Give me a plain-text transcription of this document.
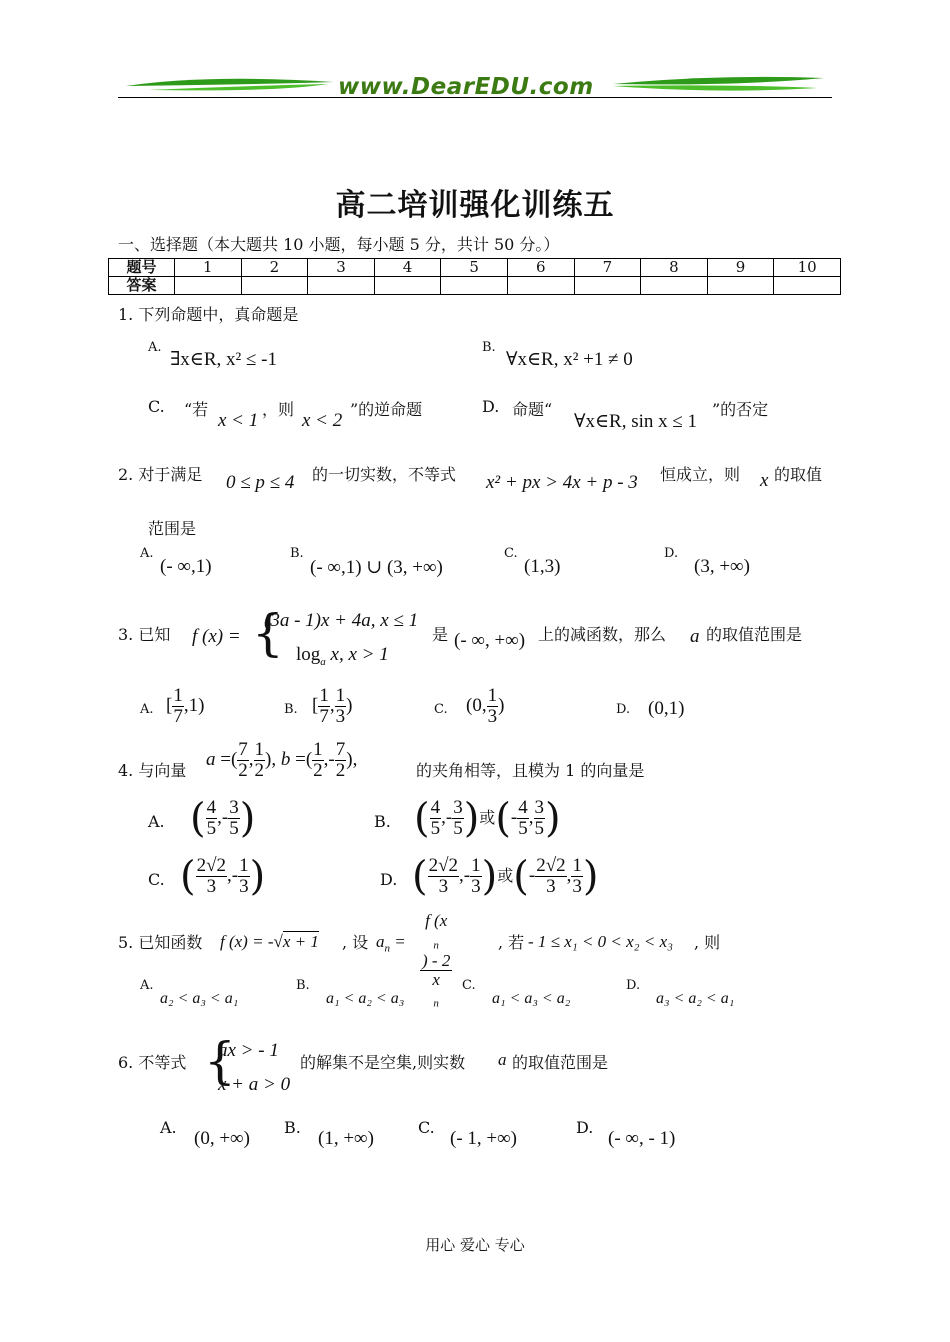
www.DearEDU.com
高二培训强化训练五
一、选择题（本大题共 10 小题，每小题 5 分，共计 50 分。）
题号	1	2	3	4	5	6	7	8	9	10
答案										
1. 下列命题中，真命题是
A.
∃x∈R, x² ≤ -1
B.
∀x∈R, x² +1 ≠ 0
C. “若
x < 1
，则
x < 2
”的逆命题	D. 命题“
∀x∈R, sin x ≤ 1
”的否定
2. 对于满足 0 ≤ p ≤ 4 的一切实数，不等式 x² + px > 4x + p - 3 恒成立，则 x 的取值
范围是
A.
(- ∞,1)
B.
(- ∞,1) ∪ (3, +∞)
C.
(1,3)
D.
(3, +∞)
3. 已知 f (x) = {
(3a - 1)x + 4a, x ≤ 1
$\log_a x$, x > 1
是 (- ∞, +∞) 上的减函数，那么 a 的取值范围是
A. [ $\frac{1}{7} ,1$)	B. [ $\frac{1}{7}$ , $\frac{1}{3}$ )	C. (0, $\frac{1}{3}$ )	D. (0,1)
4. 与向量
a =( $\frac{7}{2}$ , $\frac{1}{2}$ ), b =( $\frac{1}{2}$ ,- $\frac{7}{2}$ ),
的夹角相等，且模为 1 的向量是
A. ( $\frac{4}{5}$ ,- $\frac{3}{5}$ )	B. ( $\frac{4}{5}$ ,- $\frac{3}{5}$ )或(- $\frac{4}{5}$ , $\frac{3}{5}$ )
C. ( $\frac{2√2}{3}$ ,- $\frac{1}{3}$ )	D. ( $\frac{2√2}{3}$ ,- $\frac{1}{3}$ )或(- $\frac{2√2}{3}$ , $\frac{1}{3}$ )
5. 已知函数 f (x) = -√x + 1 , 设 $a_n = f$ (x
$_n$
) - 2
x
$_n$	, 若 - 1 ≤ x₁ < 0 < x₂ < x₃ , 则
A.
a₂ < a₃ < a₁
B.
a₁ < a₂ < a₃
C.
a₁ < a₃ < a₂
D.
a₃ < a₂ < a₁
6. 不等式 {
ax > - 1
x + a > 0
的解集不是空集,则实数 a 的取值范围是
A.
(0, +∞)
B.
(1, +∞)
C.
(- 1, +∞)
D.
(- ∞, - 1)
用心 爱心 专心
